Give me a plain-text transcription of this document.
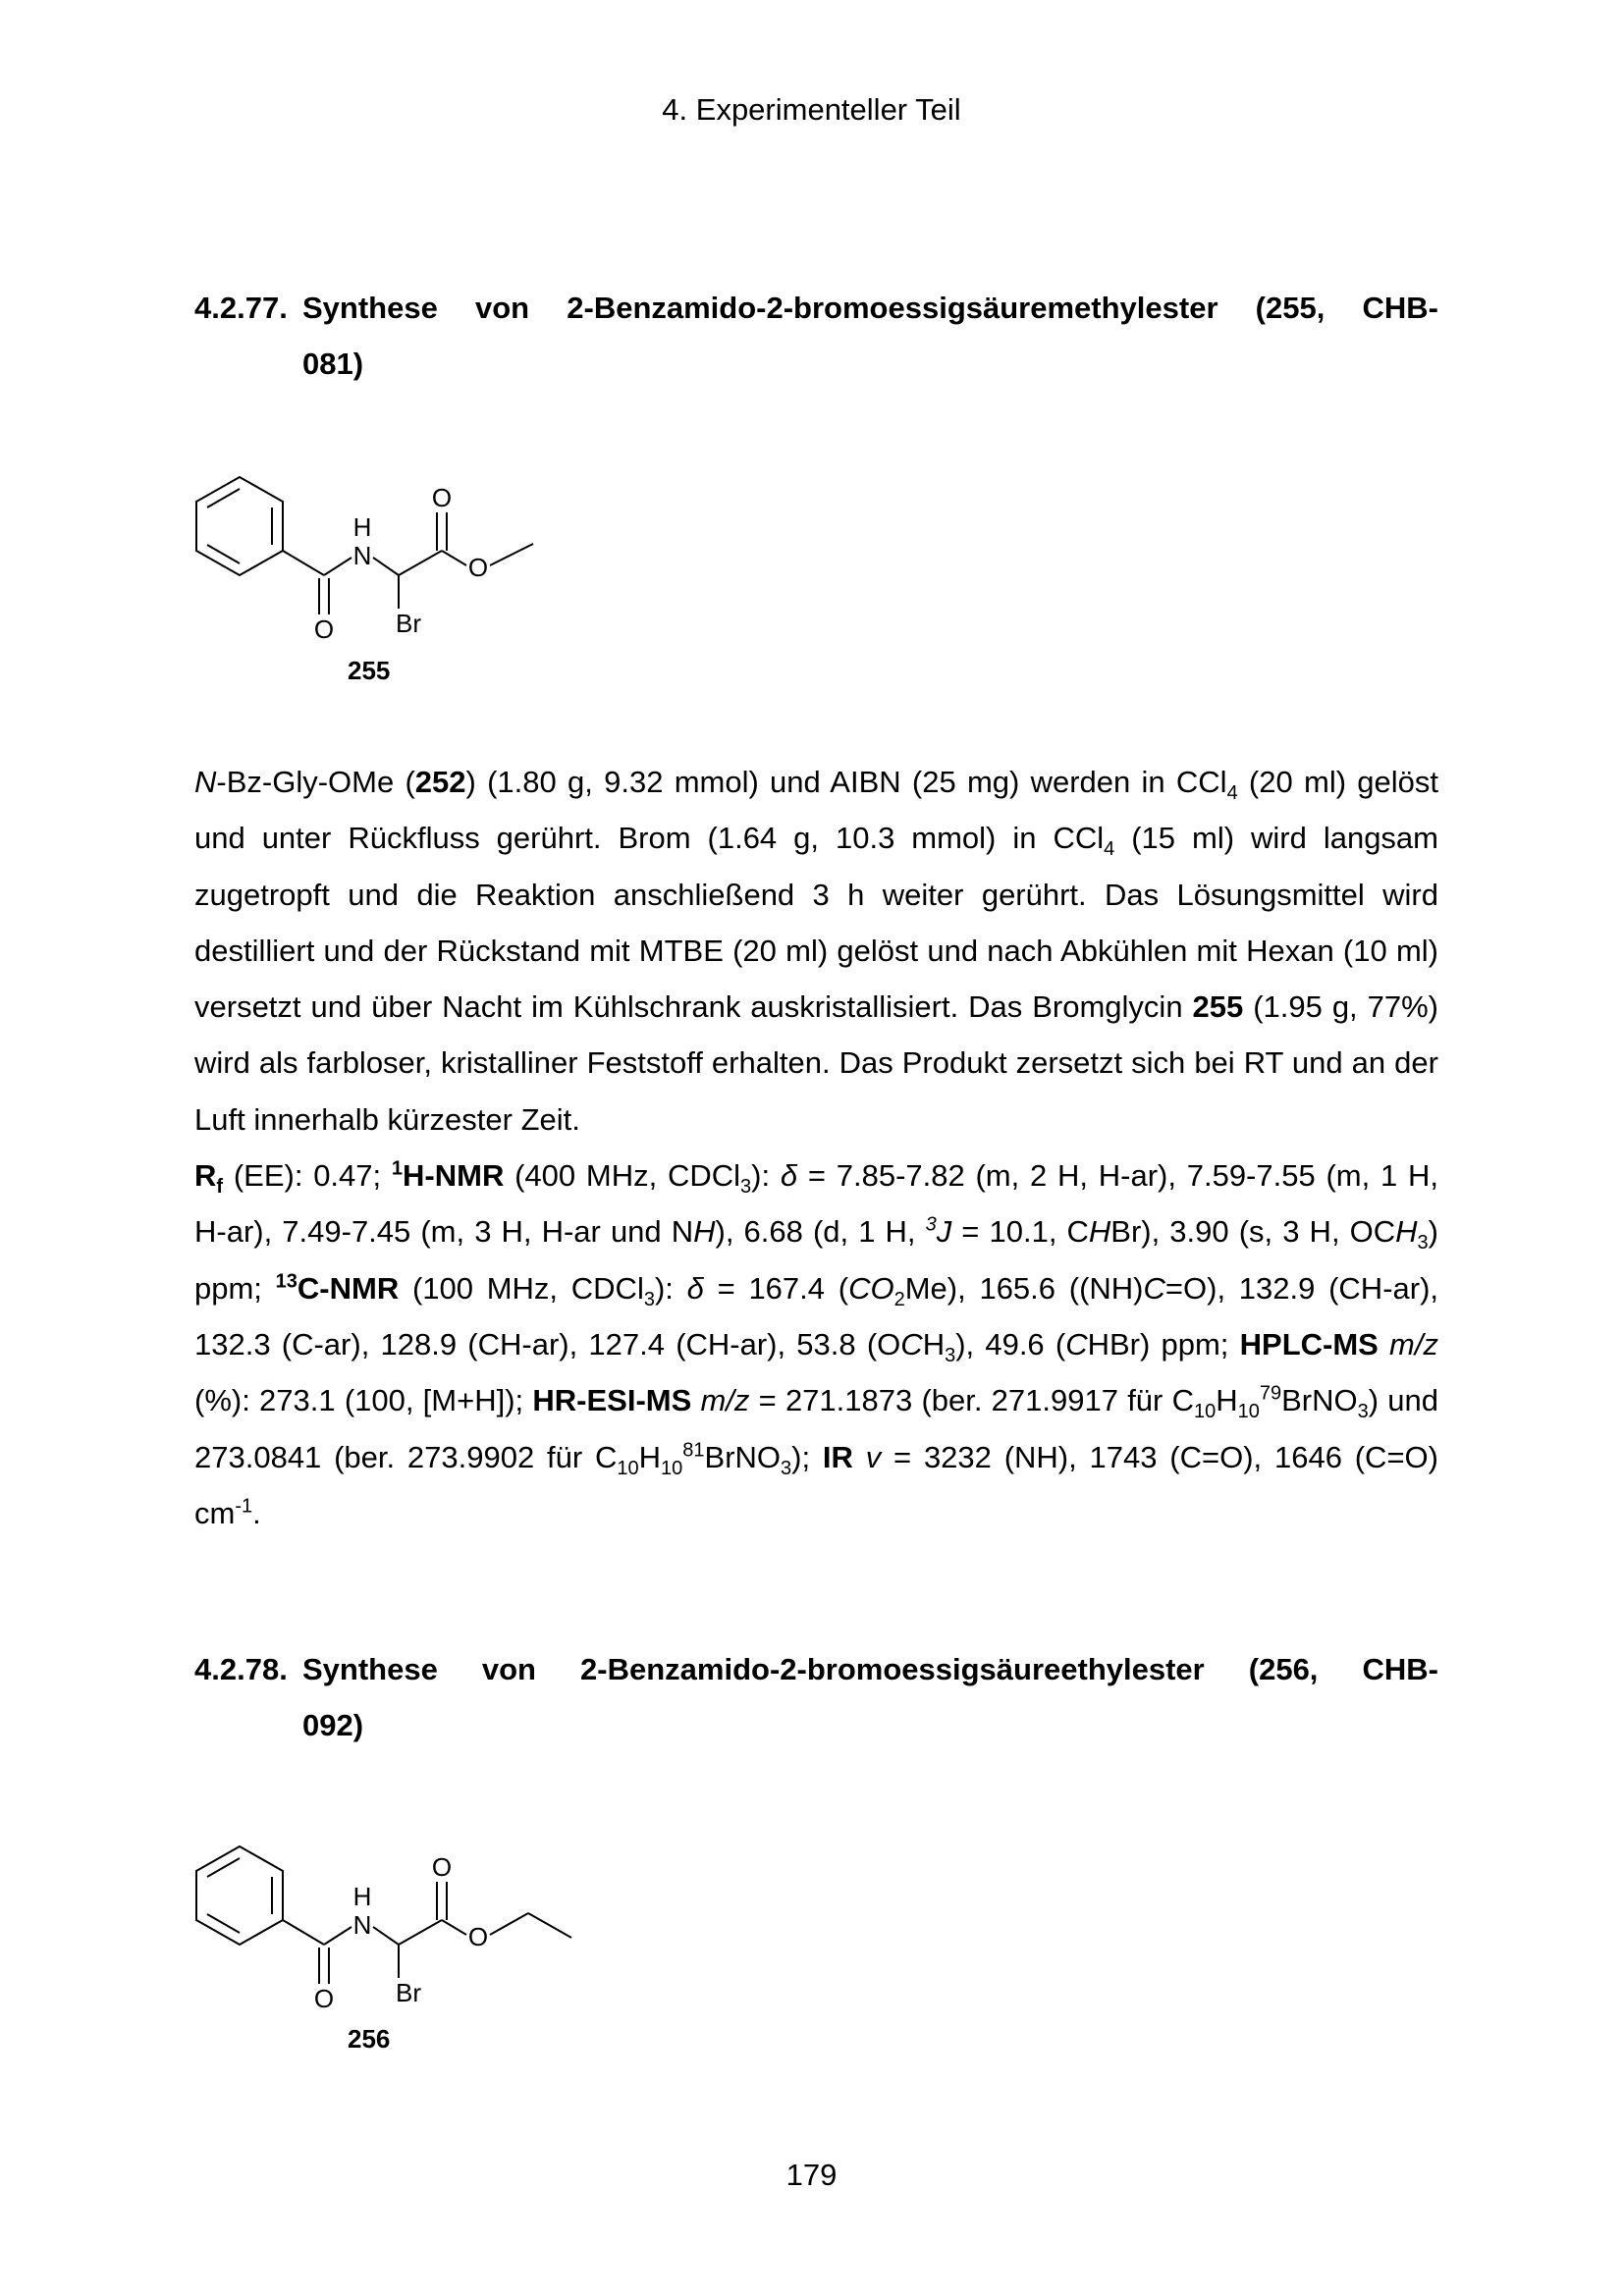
4. Experimenteller Teil
4.2.77. Synthese von 2-Benzamido-2-bromoessigsäuremethylester (255, CHB-
081)
H
N
O
O
O
Br
255

N-Bz-Gly-OMe (252) (1.80 g, 9.32 mmol) und AIBN (25 mg) werden in CCl$_4$ (20 ml) gelöst und unter Rückfluss gerührt. Brom (1.64 g, 10.3 mmol) in CCl$_4$ (15 ml) wird langsam zugetropft und die Reaktion anschließend 3 h weiter gerührt. Das Lösungsmittel wird destilliert und der Rückstand mit MTBE (20 ml) gelöst und nach Abkühlen mit Hexan (10 ml) versetzt und über Nacht im Kühlschrank auskristallisiert. Das Bromglycin 255 (1.95 g, 77%) wird als farbloser, kristalliner Feststoff erhalten. Das Produkt zersetzt sich bei RT und an der Luft innerhalb kürzester Zeit.

$R_f$ (EE): 0.47; $^1$H-NMR (400 MHz, CDCl$_3$): δ = 7.85-7.82 (m, 2 H, H-ar), 7.59-7.55 (m, 1 H, H-ar), 7.49-7.45 (m, 3 H, H-ar und NH), 6.68 (d, 1 H, $^3$J = 10.1, CHBr), 3.90 (s, 3 H, $OCH_3$) ppm; $^{13}$C-NMR (100 MHz, CDCl$_3$): δ = 167.4 $(CO_2Me)$, 165.6 ((NH)C=O), 132.9 (CH-ar), 132.3 (C-ar), 128.9 (CH-ar), 127.4 (CH-ar), 53.8 $(OCH_3)$, 49.6 (CHBr) ppm; HPLC-MS m/z (%): 273.1 (100, [M+H]); HR-ESI-MS m/z = 271.1873 (ber. 271.9917 für $C_{10}H_{10}^{79}BrNO_3$) und 273.0841 (ber. 273.9902 für $C_{10}H_{10}^{81}BrNO_3$); IR v = 3232 (NH), 1743 (C=O), 1646 (C=O) $cm^{-1}$.

4.2.78. Synthese von 2-Benzamido-2-bromoessigsäureethylester (256, CHB-
092)
H
N
O
O
O
Br
256
179
